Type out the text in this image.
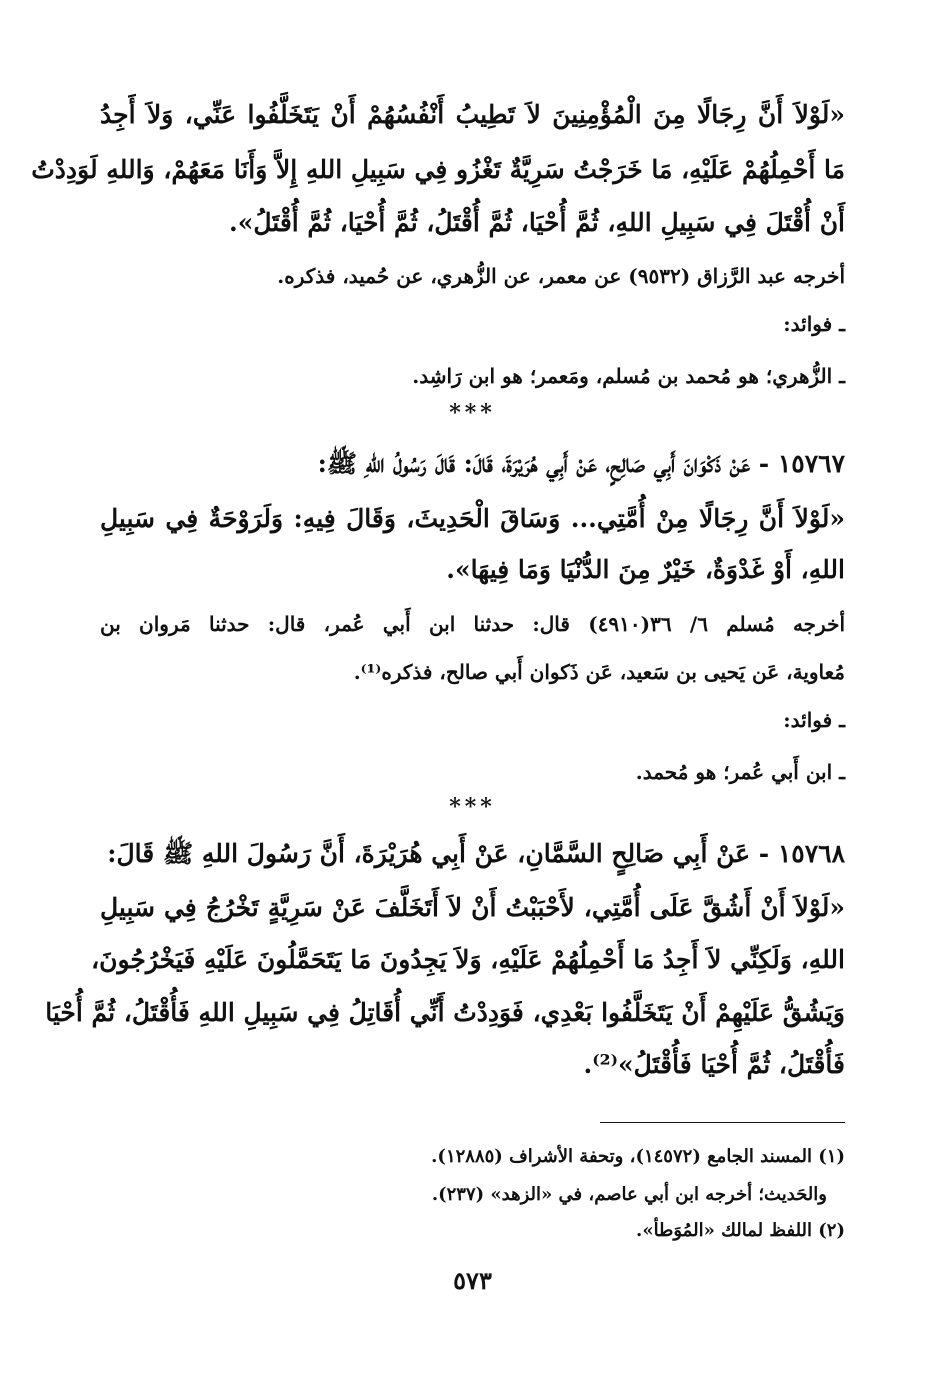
«لَوْلاَ أَنَّ رِجَالًا مِنَ الْمُؤْمِنِينَ لاَ تَطِيبُ أَنْفُسُهُمْ أَنْ يَتَخَلَّفُوا عَنِّي، وَلاَ أَجِدُ

مَا أَحْمِلُهُمْ عَلَيْهِ، مَا خَرَجْتُ سَرِيَّةٌ تَغْزُو فِي سَبِيلِ اللهِ إِلاَّ وَأَنَا مَعَهُمْ، وَاللهِ لَوَدِدْتُ

أَنْ أُقْتَلَ فِي سَبِيلِ اللهِ، ثُمَّ أُحْيَا، ثُمَّ أُقْتَلُ، ثُمَّ أُحْيَا، ثُمَّ أُقْتَلُ».

أخرجه عبد الرَّزاق (٩٥٣٢) عن معمر، عن الزُّهري، عن حُميد، فذكره.

ـ فوائد:

ـ الزُّهري؛ هو مُحمد بن مُسلم، ومَعمر؛ هو ابن رَاشِد.

***

١٥٧٦٧ - عَنْ ذَكْوَانَ أَبِي صَالِحٍ، عَنْ أَبِي هُرَيْرَةَ، قَالَ: قَالَ رَسُولُ اللهِ ﷺ:

«لَوْلاَ أَنَّ رِجَالًا مِنْ أُمَّتِي... وَسَاقَ الْحَدِيثَ، وَقَالَ فِيهِ: وَلَرَوْحَةٌ فِي سَبِيلِ

اللهِ، أَوْ غَدْوَةٌ، خَيْرٌ مِنَ الدُّنْيَا وَمَا فِيهَا».

أخرجه مُسلم ٦/ ٣٦(٤٩١٠) قال: حدثنا ابن أَبي عُمر، قال: حدثنا مَروان بن

مُعاوية، عَن يَحيى بن سَعيد، عَن ذَكوان أَبي صالح، فذكره⁽¹⁾.

ـ فوائد:

ـ ابن أَبي عُمر؛ هو مُحمد.

***

١٥٧٦٨ - عَنْ أَبِي صَالِحٍ السَّمَّانِ، عَنْ أَبِي هُرَيْرَةَ، أَنَّ رَسُولَ اللهِ ﷺ قَالَ:

«لَوْلاَ أَنْ أَشُقَّ عَلَى أُمَّتِي، لأَحْبَبْتُ أَنْ لاَ أَتَخَلَّفَ عَنْ سَرِيَّةٍ تَخْرُجُ فِي سَبِيلِ

اللهِ، وَلَكِنِّي لاَ أَجِدُ مَا أَحْمِلُهُمْ عَلَيْهِ، وَلاَ يَجِدُونَ مَا يَتَحَمَّلُونَ عَلَيْهِ فَيَخْرُجُونَ،

وَيَشُقُّ عَلَيْهِمْ أَنْ يَتَخَلَّفُوا بَعْدِي، فَوَدِدْتُ أَنِّي أُقَاتِلُ فِي سَبِيلِ اللهِ فَأُقْتَلُ، ثُمَّ أُحْيَا

فَأُقْتَلُ، ثُمَّ أُحْيَا فَأُقْتَلُ»⁽²⁾.

(١) المسند الجامع (١٤٥٧٢)، وتحفة الأشراف (١٢٨٨٥).

والحَديث؛ أخرجه ابن أبي عاصم، في «الزهد» (٢٣٧).

(٢) اللفظ لمالك «المُوَطأ».

٥٧٣
